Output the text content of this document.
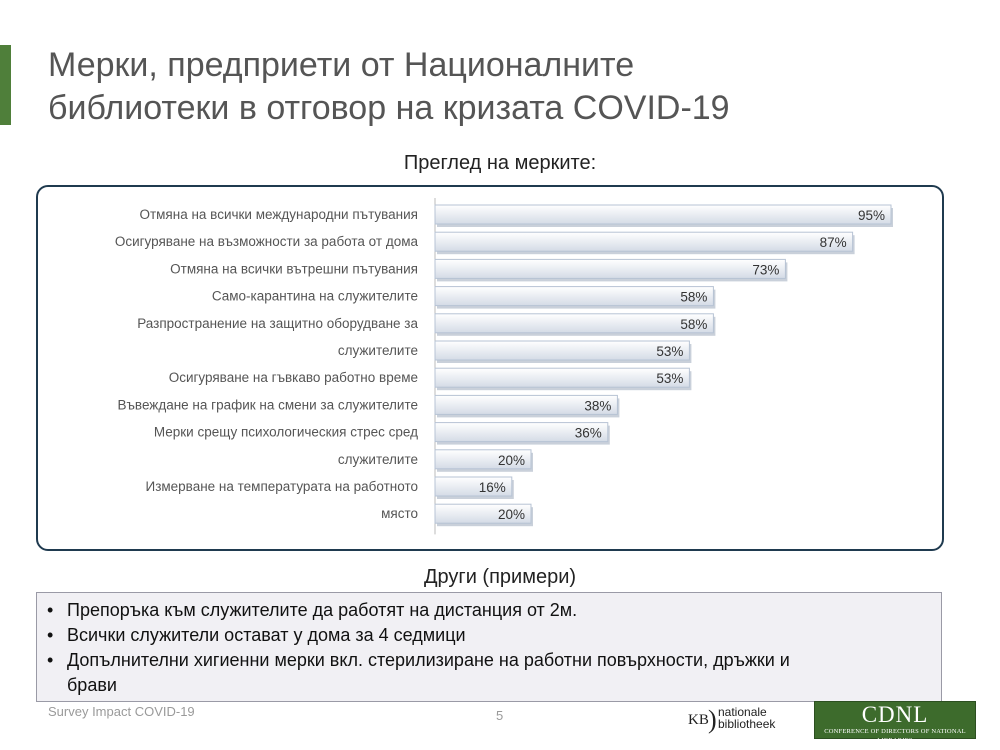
Мерки, предприети от Националните
библиотеки в отговор на кризата COVID-19
Преглед на мерките:
Отмяна на всички международни пътувания
Осигуряване на възможности за работа от дома
Отмяна на всички вътрешни пътувания
Само-карантина на служителите
Разпространение на защитно оборудване за
служителите
Осигуряване на гъвкаво работно време
Въвеждане на график на смени за служителите
Мерки срещу психологическия стрес сред
служителите
Измерване на температурата на работното
място
95%
87%
73%
58%
58%
53%
53%
38%
36%
20%
16%
20%
Други (примери)
• Препоръка към служителите да работят на дистанция от 2м.
• Всички служители остават у дома за 4 седмици
• Допълнителни хигиенни мерки вкл. стерилизиране на работни повърхности, дръжки и
брави
Survey Impact COVID-19	5	KB ) nationale
bibliotheek	CDNL
CONFERENCE OF DIRECTORS OF NATIONAL LIBRARIES
